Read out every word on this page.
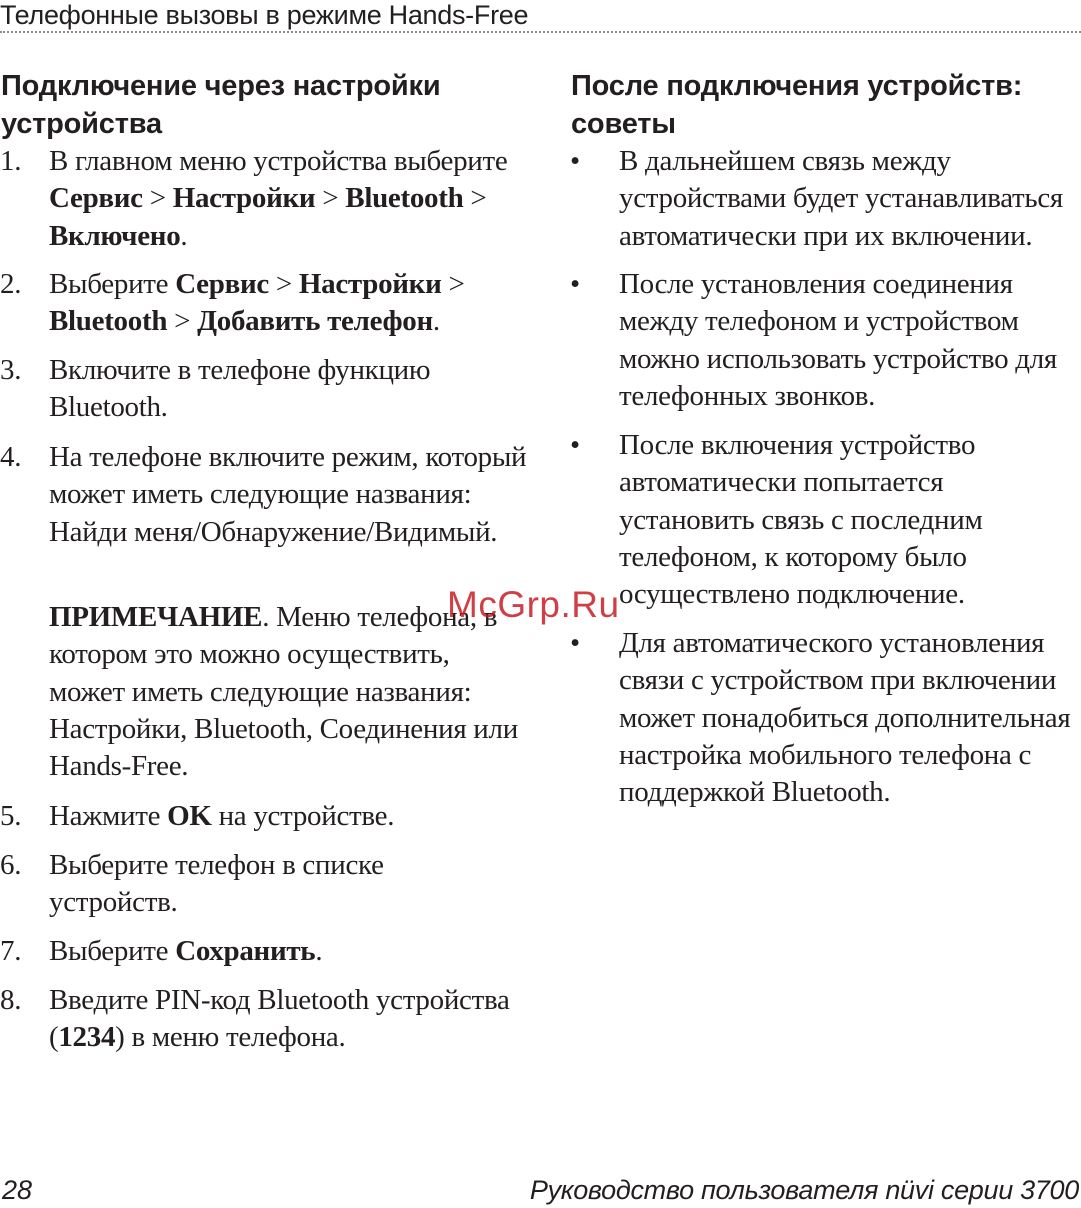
Телефонные вызовы в режиме Hands-Free
Подключение через настройки устройства
1. В главном меню устройства выберите Сервис > Настройки > Bluetooth > Включено.
2. Выберите Сервис > Настройки > Bluetooth > Добавить телефон.
3. Включите в телефоне функцию Bluetooth.
4. На телефоне включите режим, который может иметь следующие названия: Найди меня/Обнаружение/Видимый.
ПРИМЕЧАНИЕ. Меню телефона, в котором это можно осуществить, может иметь следующие названия: Настройки, Bluetooth, Соединения или Hands-Free.
5. Нажмите OK на устройстве.
6. Выберите телефон в списке устройств.
7. Выберите Сохранить.
8. Введите PIN-код Bluetooth устройства (1234) в меню телефона.
После подключения устройств: советы
• В дальнейшем связь между устройствами будет устанавливаться автоматически при их включении.
• После установления соединения между телефоном и устройством можно использовать устройство для телефонных звонков.
• После включения устройство автоматически попытается установить связь с последним телефоном, к которому было осуществлено подключение.
• Для автоматического установления связи с устройством при включении может понадобиться дополнительная настройка мобильного телефона с поддержкой Bluetooth.
McGrp.Ru
28	Руководство пользователя nüvi серии 3700
